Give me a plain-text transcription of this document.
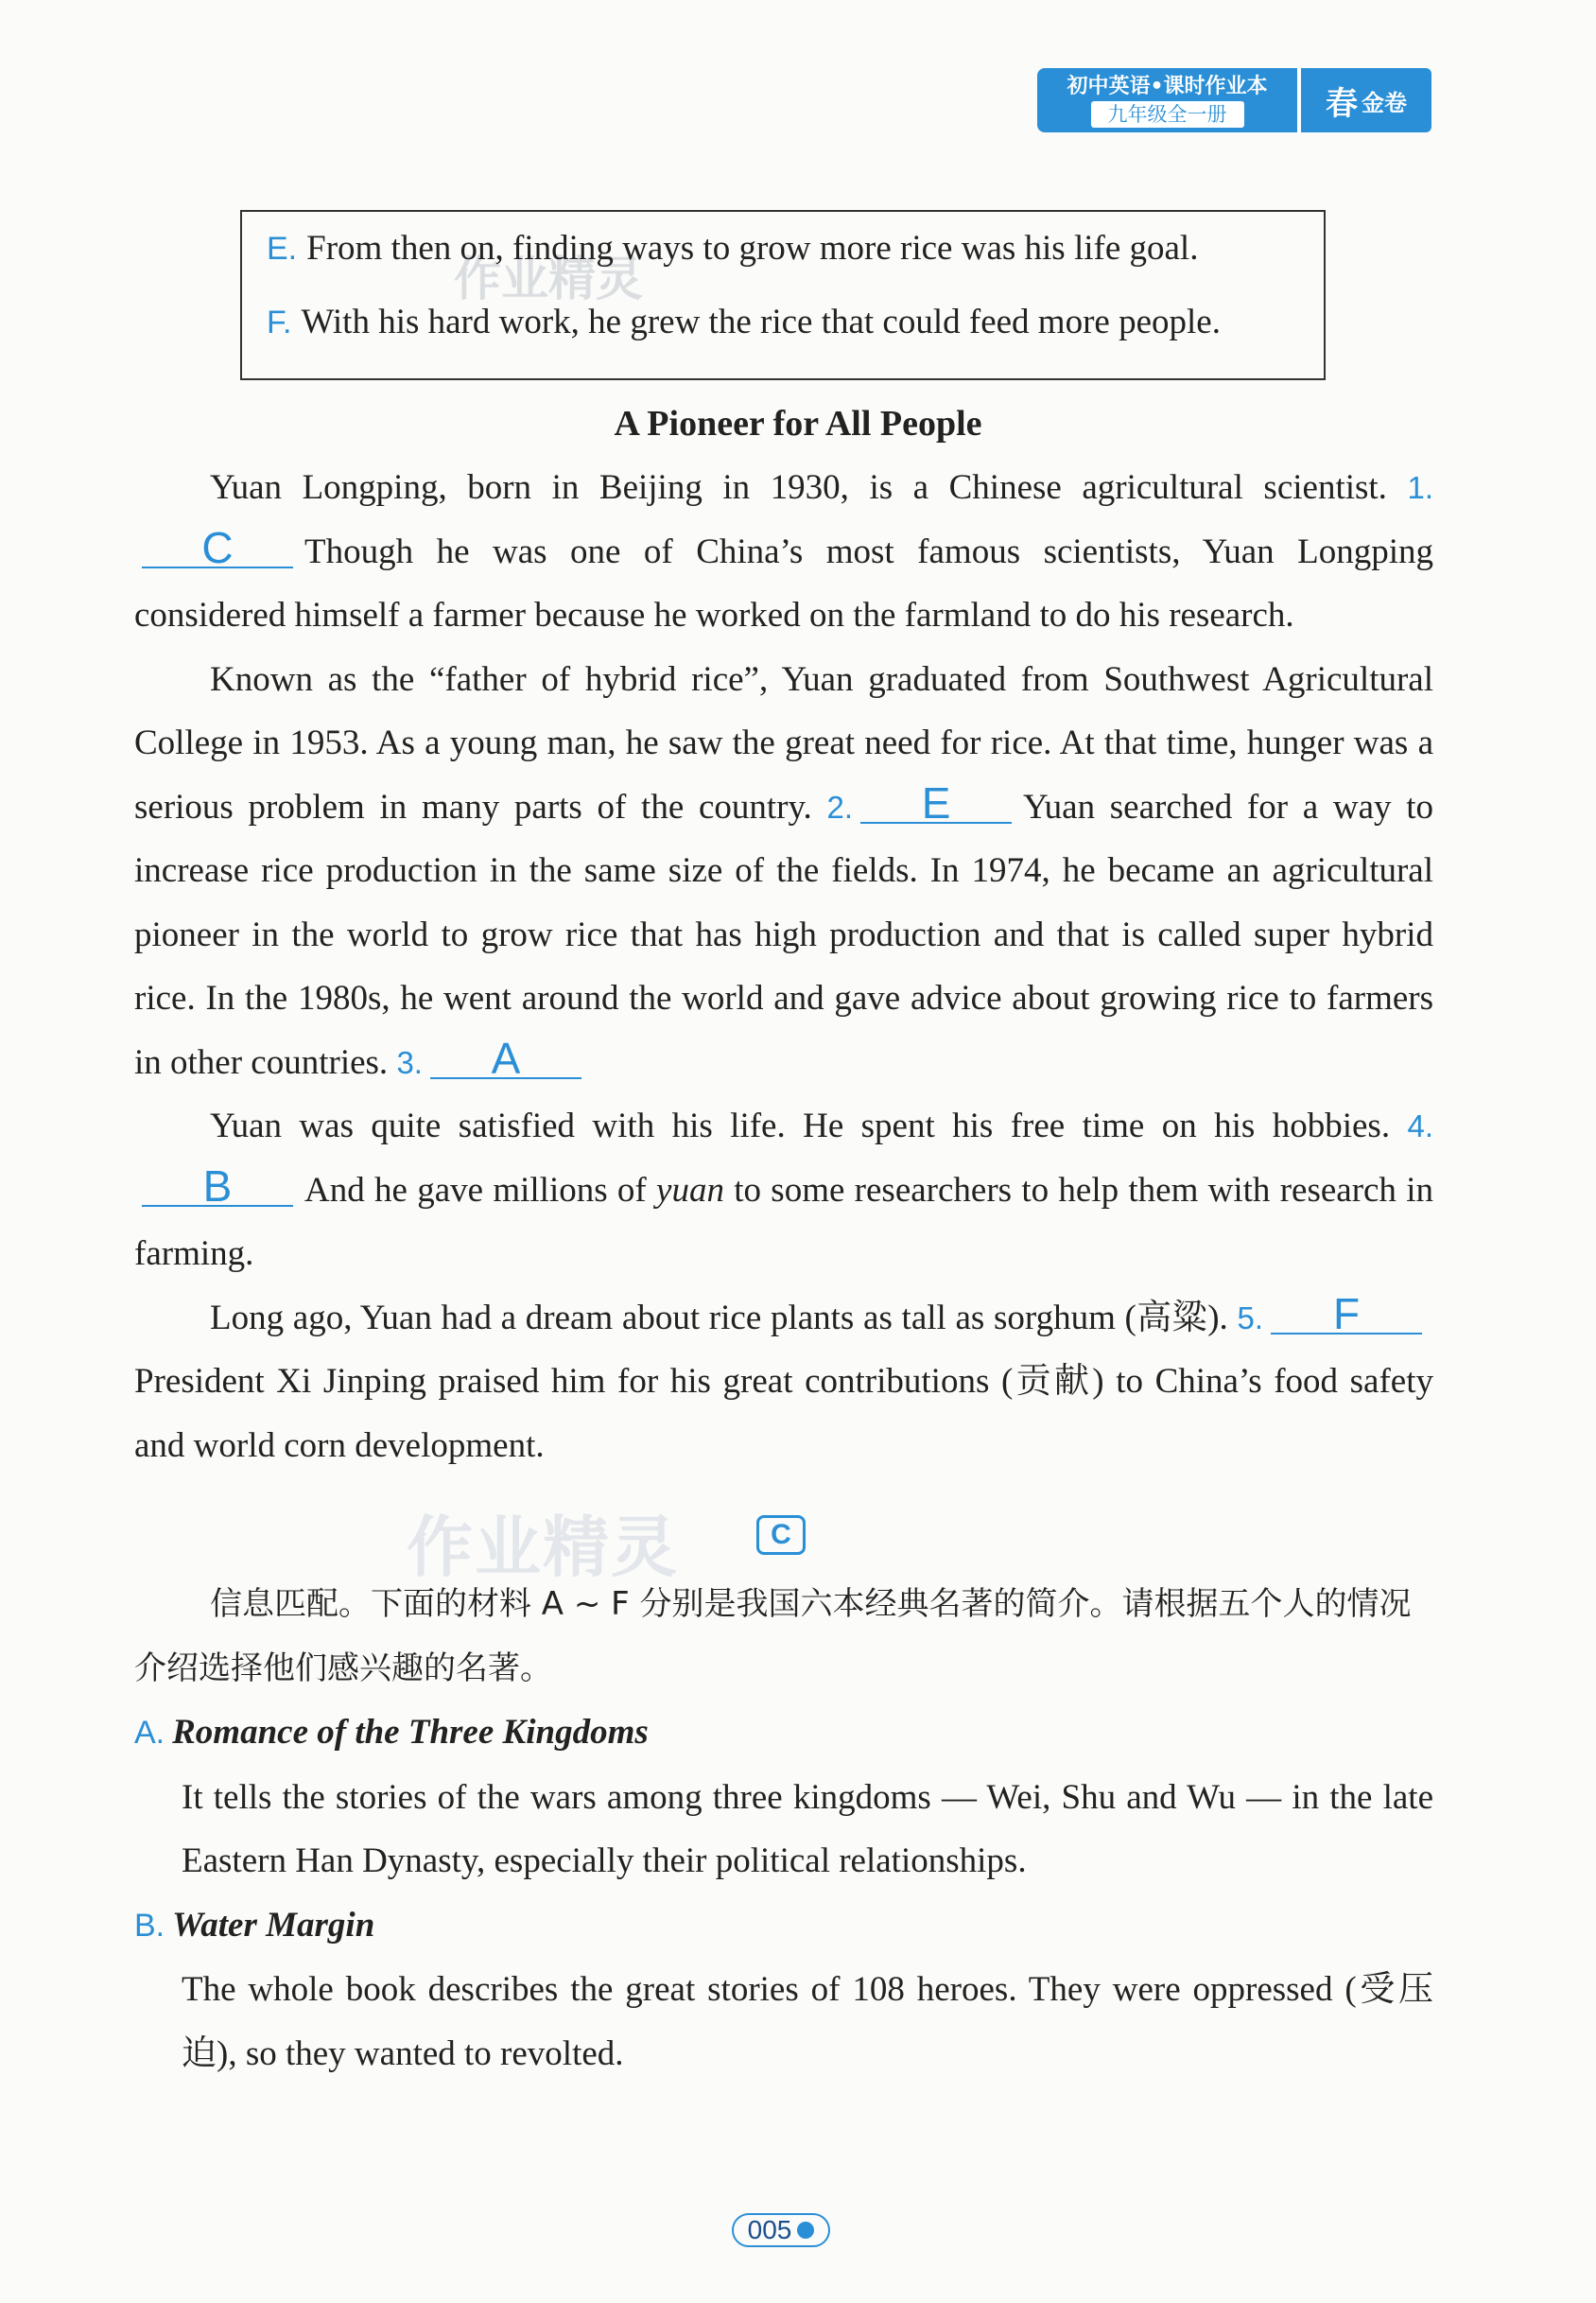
初中英语•课时作业本
九年级全一册	春 金卷
作业精灵
E. From then on, finding ways to grow more rice was his life goal.
F. With his hard work, he grew the rice that could feed more people.
A Pioneer for All People

Yuan Longping, born in Beijing in 1930, is a Chinese agricultural scientist. 1.C Though he was one of China’s most famous scientists, Yuan Longping considered himself a farmer because he worked on the farmland to do his research.

Known as the “father of hybrid rice”, Yuan graduated from Southwest Agricultural College in 1953. As a young man, he saw the great need for rice. At that time, hunger was a serious problem in many parts of the country. 2. E Yuan searched for a way to increase rice production in the same size of the fields. In 1974, he became an agricultural pioneer in the world to grow rice that has high production and that is called super hybrid rice. In the 1980s, he went around the world and gave advice about growing rice to farmers in other countries. 3. A

Yuan was quite satisfied with his life. He spent his free time on his hobbies. 4.B And he gave millions of yuan to some researchers to help them with research in farming.

Long ago, Yuan had a dream about rice plants as tall as sorghum (高粱). 5. FPresident Xi Jinping praised him for his great contributions (贡献) to China’s food safety and world corn development.

作业精灵	C

信息匹配。下面的材料 A ~ F 分别是我国六本经典名著的简介。请根据五个人的情况介绍选择他们感兴趣的名著。

A. Romance of the Three Kingdoms

It tells the stories of the wars among three kingdoms — Wei, Shu and Wu — in the late Eastern Han Dynasty, especially their political relationships.

B. Water Margin

The whole book describes the great stories of 108 heroes. They were oppressed (受压迫), so they wanted to revolted.

005
